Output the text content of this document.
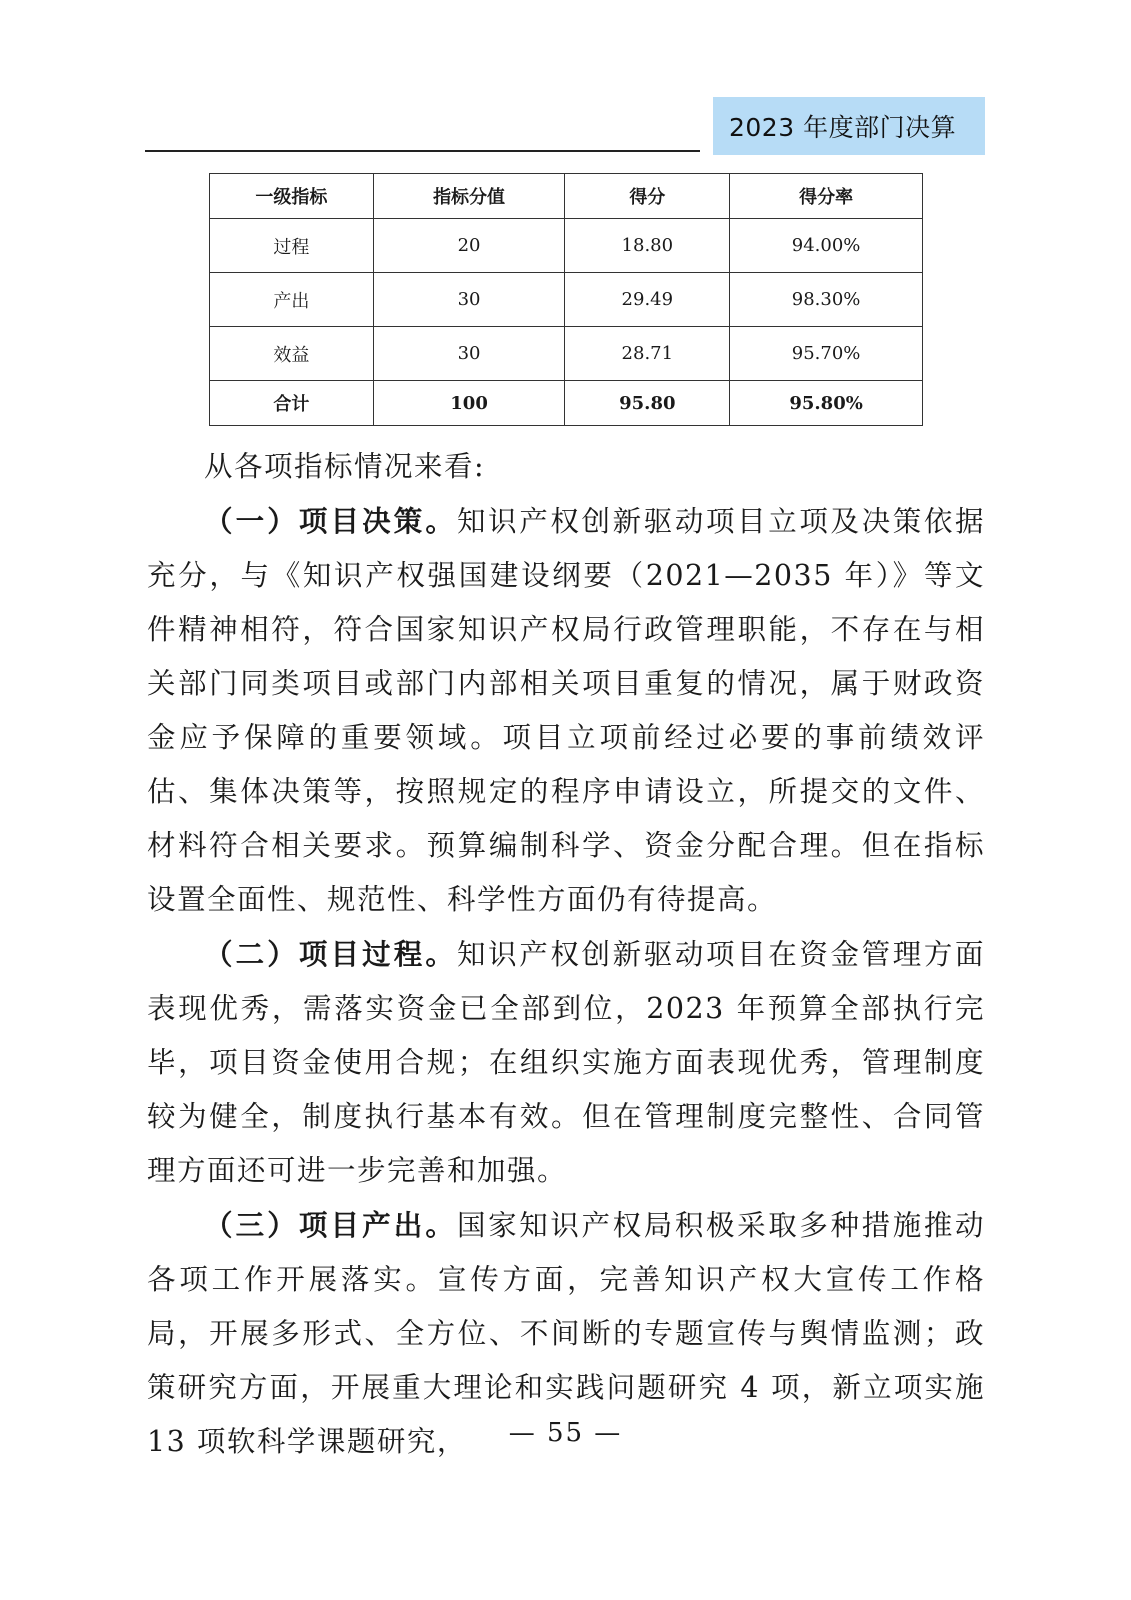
2023 年度部门决算
一级指标	指标分值	得分	得分率
过程	20	18.80	94.00%
产出	30	29.49	98.30%
效益	30	28.71	95.70%
合计	100	95.80	95.80%

从各项指标情况来看:

（一）项目决策。知识产权创新驱动项目立项及决策依据充分，与《知识产权强国建设纲要（2021—2035 年）》等文件精神相符，符合国家知识产权局行政管理职能，不存在与相关部门同类项目或部门内部相关项目重复的情况，属于财政资金应予保障的重要领域。项目立项前经过必要的事前绩效评估、集体决策等，按照规定的程序申请设立，所提交的文件、材料符合相关要求。预算编制科学、资金分配合理。但在指标设置全面性、规范性、科学性方面仍有待提高。

（二）项目过程。知识产权创新驱动项目在资金管理方面表现优秀，需落实资金已全部到位，2023 年预算全部执行完毕，项目资金使用合规；在组织实施方面表现优秀，管理制度较为健全，制度执行基本有效。但在管理制度完整性、合同管理方面还可进一步完善和加强。

（三）项目产出。国家知识产权局积极采取多种措施推动各项工作开展落实。宣传方面，完善知识产权大宣传工作格局，开展多形式、全方位、不间断的专题宣传与舆情监测；政策研究方面，开展重大理论和实践问题研究 4 项，新立项实施 13 项软科学课题研究，	— 55 —
